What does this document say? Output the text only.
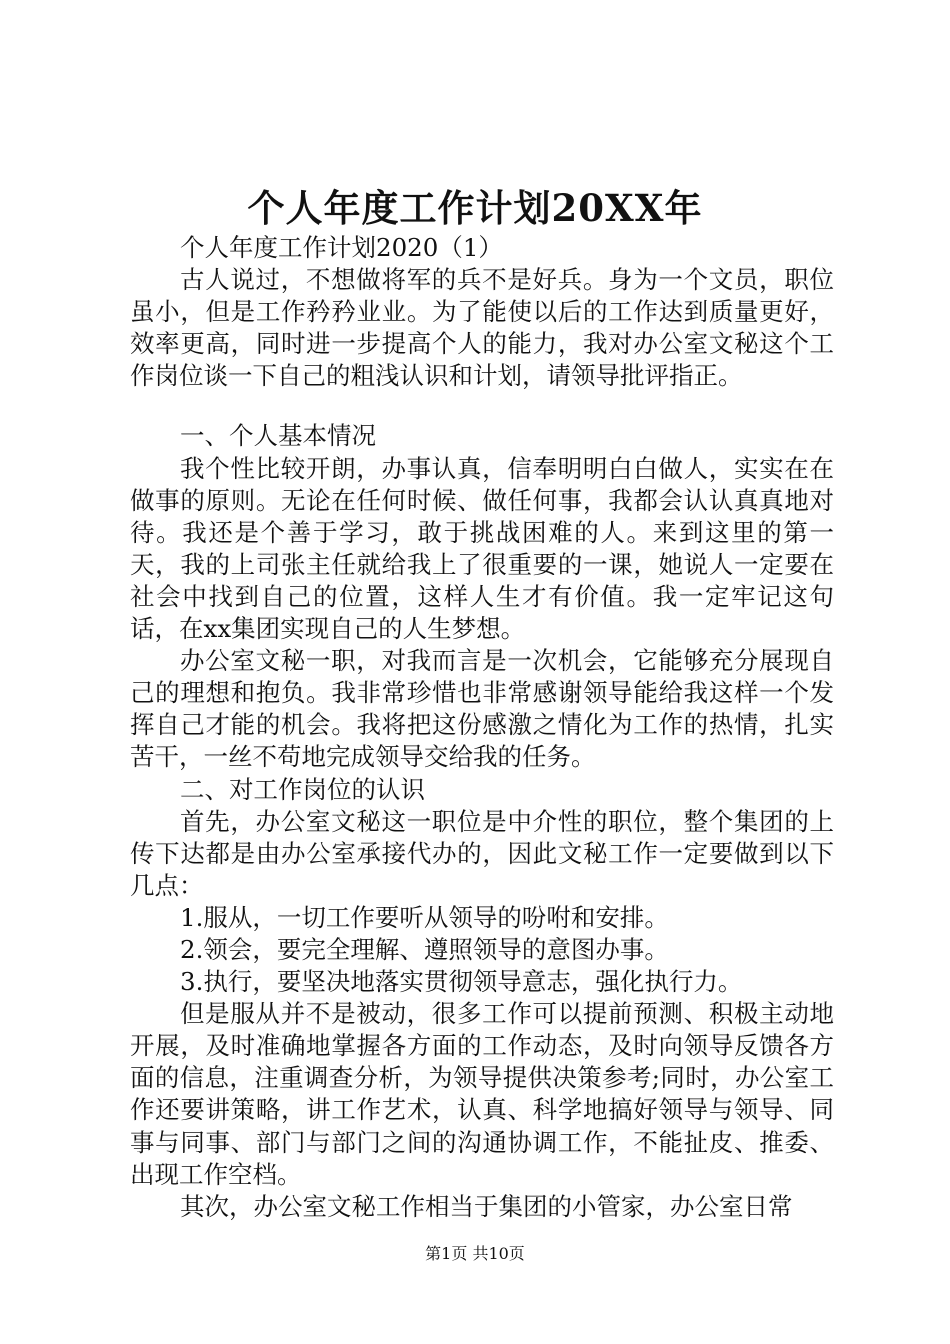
个人年度工作计划20XX年

个人年度工作计划2020（1）

古人说过，不想做将军的兵不是好兵。身为一个文员，职位虽小，但是工作矜矜业业。为了能使以后的工作达到质量更好，效率更高，同时进一步提高个人的能力，我对办公室文秘这个工作岗位谈一下自己的粗浅认识和计划，请领导批评指正。

一、个人基本情况

我个性比较开朗，办事认真，信奉明明白白做人，实实在在做事的原则。无论在任何时候、做任何事，我都会认认真真地对待。我还是个善于学习，敢于挑战困难的人。来到这里的第一天，我的上司张主任就给我上了很重要的一课，她说人一定要在社会中找到自己的位置，这样人生才有价值。我一定牢记这句话，在xx集团实现自己的人生梦想。

办公室文秘一职，对我而言是一次机会，它能够充分展现自己的理想和抱负。我非常珍惜也非常感谢领导能给我这样一个发挥自己才能的机会。我将把这份感激之情化为工作的热情，扎实苦干，一丝不苟地完成领导交给我的任务。

二、对工作岗位的认识

首先，办公室文秘这一职位是中介性的职位，整个集团的上传下达都是由办公室承接代办的，因此文秘工作一定要做到以下几点：

1.服从，一切工作要听从领导的吩咐和安排。

2.领会，要完全理解、遵照领导的意图办事。

3.执行，要坚决地落实贯彻领导意志，强化执行力。

但是服从并不是被动，很多工作可以提前预测、积极主动地开展，及时准确地掌握各方面的工作动态，及时向领导反馈各方面的信息，注重调查分析，为领导提供决策参考;同时，办公室工作还要讲策略，讲工作艺术，认真、科学地搞好领导与领导、同事与同事、部门与部门之间的沟通协调工作，不能扯皮、推委、出现工作空档。

其次，办公室文秘工作相当于集团的小管家，办公室日常

第1页 共10页
